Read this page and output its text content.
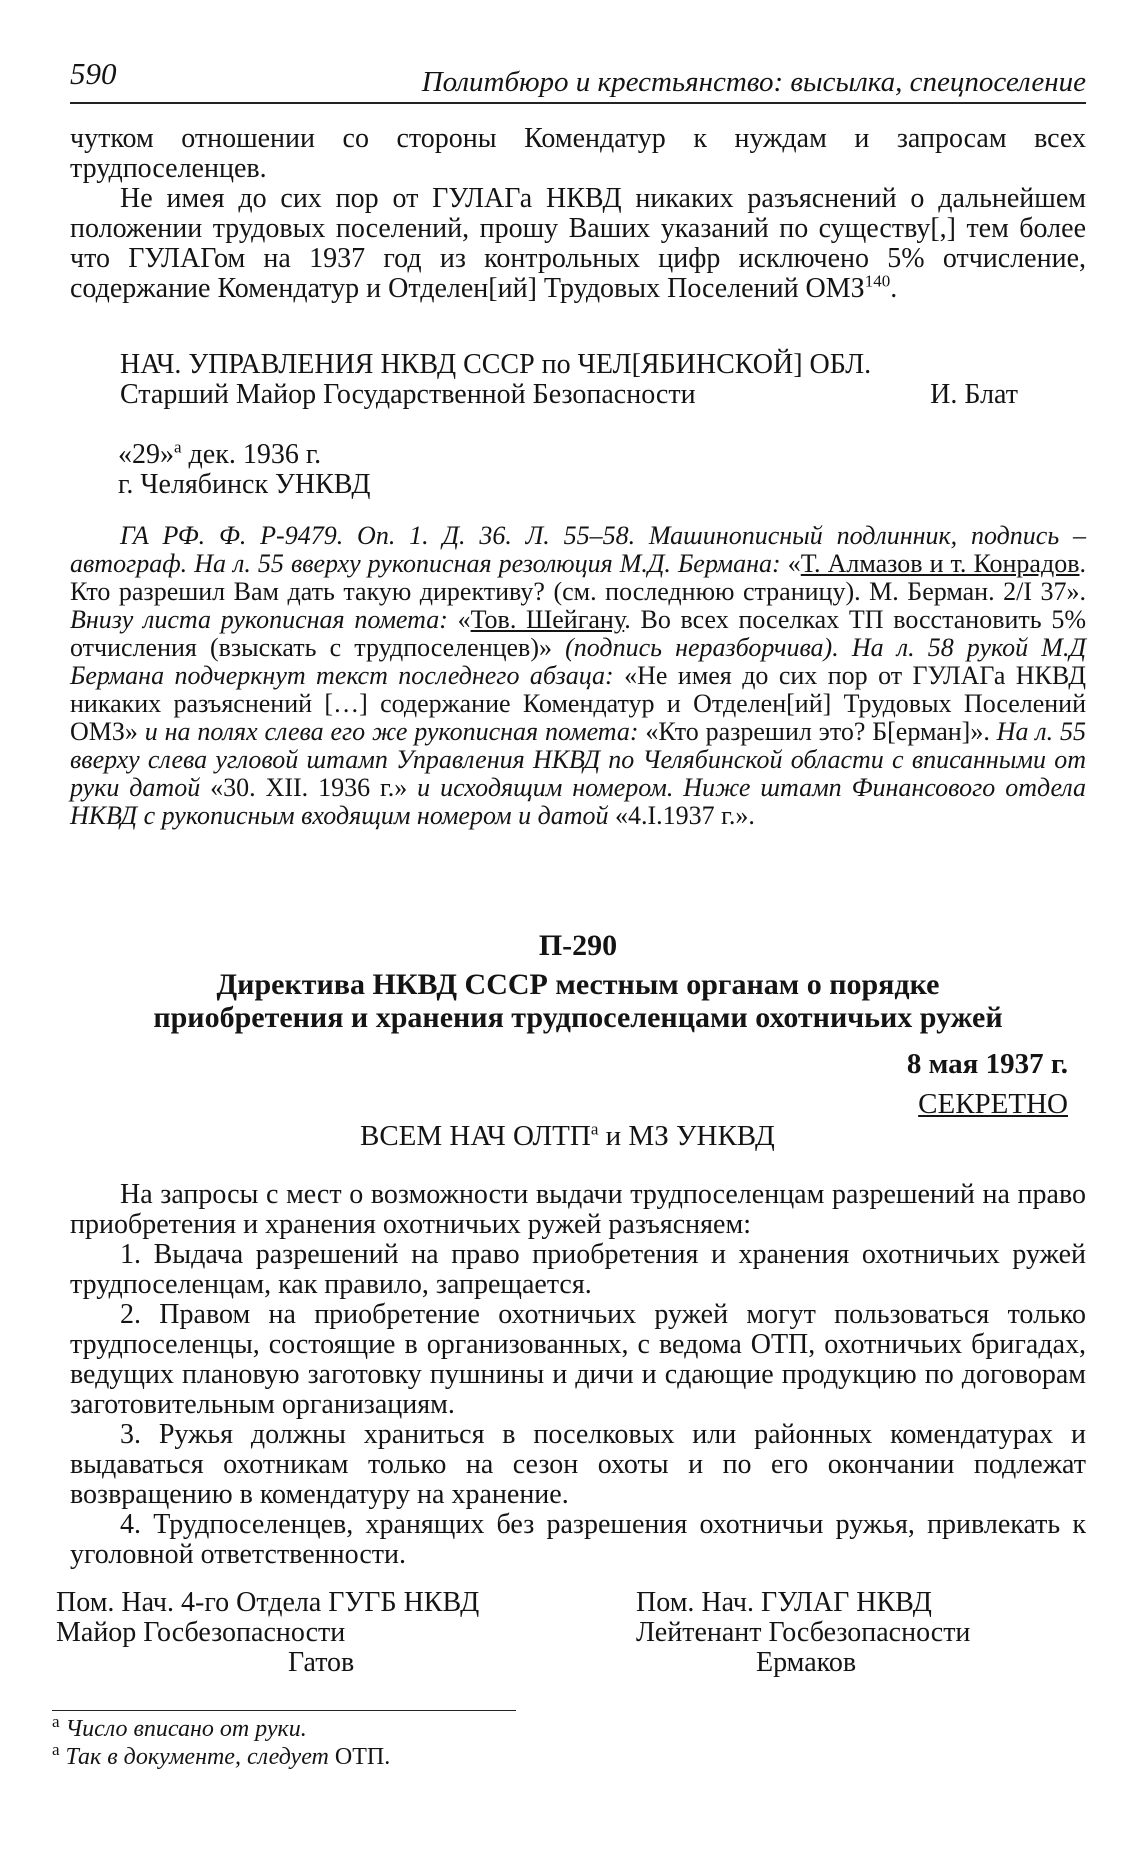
590	Политбюро и крестьянство: высылка, спецпоселение

чутком отношении со стороны Комендатур к нуждам и запросам всех трудпоселенцев.

Не имея до сих пор от ГУЛАГа НКВД никаких разъяснений о дальнейшем положении трудовых поселений, прошу Ваших указаний по существу[,] тем более что ГУЛАГом на 1937 год из контрольных цифр исключено 5% отчисление, содержание Комендатур и Отделен[ий] Трудовых Поселений ОМЗ$^{140}$.

НАЧ. УПРАВЛЕНИЯ НКВД СССР по ЧЕЛ[ЯБИНСКОЙ] ОБЛ.

Старший Майор Государственной Безопасности	И. Блат

«29»$^а$ дек. 1936 г.

г. Челябинск УНКВД

ГА РФ. Ф. Р-9479. Оп. 1. Д. 36. Л. 55–58. Машинописный подлинник, подпись – автограф. На л. 55 вверху рукописная резолюция М.Д. Бермана: «Т. Алмазов и т. Конрадов. Кто разрешил Вам дать такую директиву? (см. последнюю страницу). М. Берман. 2/I 37». Внизу листа рукописная помета: «Тов. Шейгану. Во всех поселках ТП восстановить 5% отчисления (взыскать с трудпоселенцев)» (подпись неразборчива). На л. 58 рукой М.Д Бермана подчеркнут текст последнего абзаца: «Не имея до сих пор от ГУЛАГа НКВД никаких разъяснений […] содержание Комендатур и Отделен[ий] Трудовых Поселений ОМЗ» и на полях слева его же рукописная помета: «Кто разрешил это? Б[ерман]». На л. 55 вверху слева угловой штамп Управления НКВД по Челябинской области с вписанными от руки датой «30. XII. 1936 г.» и исходящим номером. Ниже штамп Финансового отдела НКВД с рукописным входящим номером и датой «4.I.1937 г.».

П-290

Директива НКВД СССР местным органам о порядке

приобретения и хранения трудпоселенцами охотничьих ружей

8 мая 1937 г.

СЕКРЕТНО

ВСЕМ НАЧ $ОЛТП^а$ и МЗ УНКВД

На запросы с мест о возможности выдачи трудпоселенцам разрешений на право приобретения и хранения охотничьих ружей разъясняем:

1. Выдача разрешений на право приобретения и хранения охотничьих ружей трудпоселенцам, как правило, запрещается.

2. Правом на приобретение охотничьих ружей могут пользоваться только трудпоселенцы, состоящие в организованных, с ведома ОТП, охотничьих бригадах, ведущих плановую заготовку пушнины и дичи и сдающие продукцию по договорам заготовительным организациям.

3. Ружья должны храниться в поселковых или районных комендатурах и выдаваться охотникам только на сезон охоты и по его окончании подлежат возвращению в комендатуру на хранение.

4. Трудпоселенцев, хранящих без разрешения охотничьи ружья, привлекать к уголовной ответственности.

Пом. Нач. 4-го Отдела ГУГБ НКВД
Майор Госбезопасности
Гатов
Пом. Нач. ГУЛАГ НКВД
Лейтенант Госбезопасности
Ермаков
$^а$ Число вписано от руки.
$^а$ Так в документе, следует ОТП.
